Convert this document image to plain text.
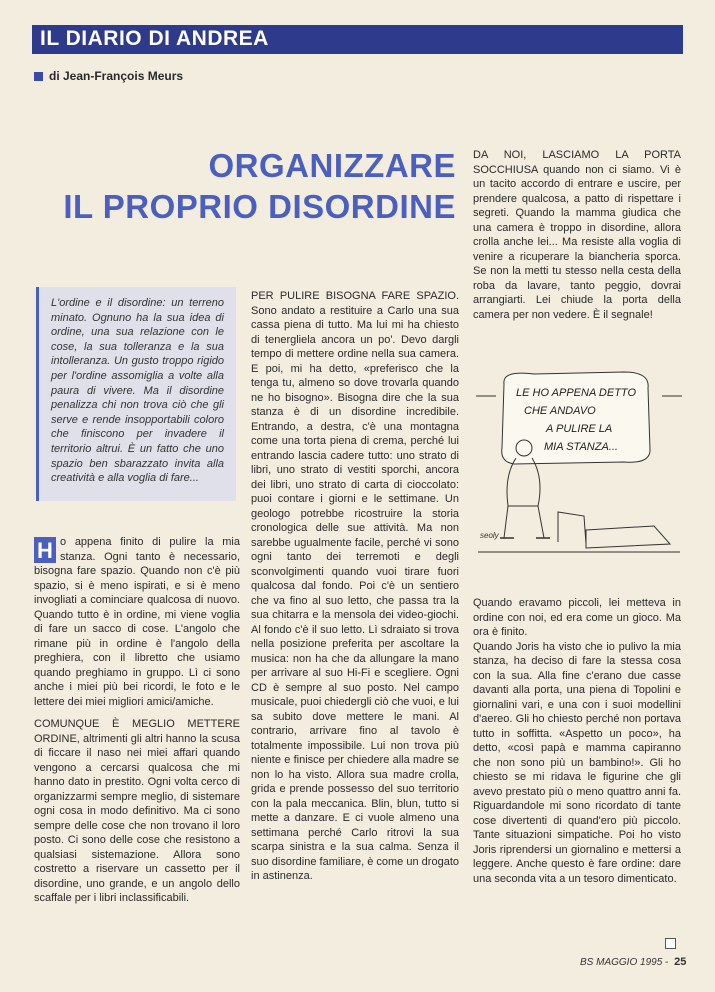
IL DIARIO DI ANDREA
di Jean-François Meurs
ORGANIZZARE
IL PROPRIO DISORDINE

L'ordine e il disordine: un terreno minato. Ognuno ha la sua idea di ordine, una sua relazione con le cose, la sua tolleranza e la sua intolleranza. Un gusto troppo rigido per l'ordine assomiglia a volte alla paura di vivere. Ma il disordine penalizza chi non trova ciò che gli serve e rende insopportabili coloro che finiscono per invadere il territorio altrui. È un fatto che uno spazio ben sbarazzato invita alla creatività e alla voglia di fare...

H o appena finito di pulire la mia stanza. Ogni tanto è necessario, bisogna fare spazio. Quando non c'è più spazio, si è meno ispirati, e si è meno invogliati a cominciare qualcosa di nuovo. Quando tutto è in ordine, mi viene voglia di fare un sacco di cose. L'angolo che rimane più in ordine è l'angolo della preghiera, con il libretto che usiamo quando preghiamo in gruppo. Lì ci sono anche i miei più bei ricordi, le foto e le lettere dei miei migliori amici/amiche.

COMUNQUE È MEGLIO METTERE ORDINE, altrimenti gli altri hanno la scusa di ficcare il naso nei miei affari quando vengono a cercarsi qualcosa che mi hanno dato in prestito. Ogni volta cerco di organizzarmi sempre meglio, di sistemare ogni cosa in modo definitivo. Ma ci sono sempre delle cose che non trovano il loro posto. Ci sono delle cose che resistono a qualsiasi sistemazione. Allora sono costretto a riservare un cassetto per il disordine, uno grande, e un angolo dello scaffale per i libri inclassificabili.

PER PULIRE BISOGNA FARE SPAZIO. Sono andato a restituire a Carlo una sua cassa piena di tutto. Ma lui mi ha chiesto di tenergliela ancora un po'. Devo dargli tempo di mettere ordine nella sua camera. E poi, mi ha detto, «preferisco che la tenga tu, almeno so dove trovarla quando ne ho bisogno». Bisogna dire che la sua stanza è di un disordine incredibile. Entrando, a destra, c'è una montagna come una torta piena di crema, perché lui entrando lascia cadere tutto: uno strato di libri, uno strato di vestiti sporchi, ancora dei libri, uno strato di carta di cioccolato: puoi contare i giorni e le settimane. Un geologo potrebbe ricostruire la storia cronologica delle sue attività. Ma non sarebbe ugualmente facile, perché vi sono ogni tanto dei terremoti e degli sconvolgimenti quando vuoi tirare fuori qualcosa dal fondo. Poi c'è un sentiero che va fino al suo letto, che passa tra la sua chitarra e la mensola dei video-giochi. Al fondo c'è il suo letto. Lì sdraiato si trova nella posizione preferita per ascoltare la musica: non ha che da allungare la mano per arrivare al suo Hi-Fi e scegliere. Ogni CD è sempre al suo posto. Nel campo musicale, puoi chiedergli ciò che vuoi, e lui sa subito dove mettere le mani. Al contrario, arrivare fino al tavolo è totalmente impossibile. Lui non trova più niente e finisce per chiedere alla madre se non lo ha visto. Allora sua madre crolla, grida e prende possesso del suo territorio con la pala meccanica. Blin, blun, tutto si mette a danzare. E ci vuole almeno una settimana perché Carlo ritrovi la sua scarpa sinistra e la sua calma. Senza il suo disordine familiare, è come un drogato in astinenza.

DA NOI, LASCIAMO LA PORTA SOCCHIUSA quando non ci siamo. Vi è un tacito accordo di entrare e uscire, per prendere qualcosa, a patto di rispettare i segreti. Quando la mamma giudica che una camera è troppo in disordine, allora crolla anche lei... Ma resiste alla voglia di venire a ricuperare la biancheria sporca. Se non la metti tu stesso nella cesta della roba da lavare, tanto peggio, dovrai arrangiarti. Lei chiude la porta della camera per non vedere. È il segnale!

LE HO APPENA DETTO
CHE ANDAVO
A PULIRE LA
MIA STANZA...
seoly

Quando eravamo piccoli, lei metteva in ordine con noi, ed era come un gioco. Ma ora è finito.

Quando Joris ha visto che io pulivo la mia stanza, ha deciso di fare la stessa cosa con la sua. Alla fine c'erano due casse davanti alla porta, una piena di Topolini e giornalini vari, e una con i suoi modellini d'aereo. Gli ho chiesto perché non portava tutto in soffitta. «Aspetto un poco», ha detto, «così papà e mamma capiranno che non sono più un bambino!». Gli ho chiesto se mi ridava le figurine che gli avevo prestato più o meno quattro anni fa. Riguardandole mi sono ricordato di tante cose divertenti di quand'ero più piccolo. Tante situazioni simpatiche. Poi ho visto Joris riprendersi un giornalino e mettersi a leggere. Anche questo è fare ordine: dare una seconda vita a un tesoro dimenticato.

BS MAGGIO 1995 - 25
